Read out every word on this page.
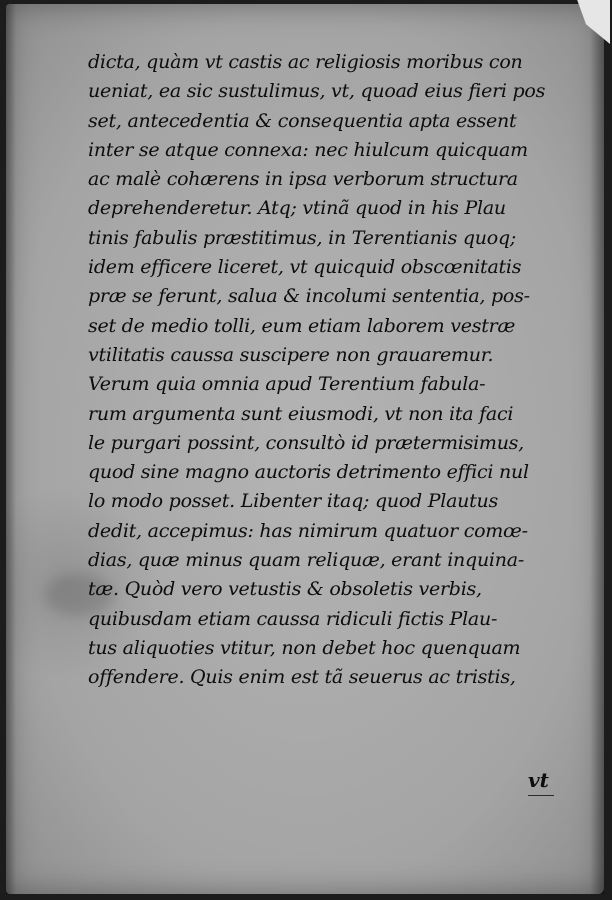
dicta, quàm vt castis ac religiosis moribus con
ueniat, ea sic sustulimus, vt, quoad eius fieri pos
set, antecedentia & consequentia apta essent
inter se atque connexa: nec hiulcum quicquam
ac malè cohærens in ipsa verborum structura
deprehenderetur. Atq; vtinã quod in his Plau
tinis fabulis præstitimus, in Terentianis quoq;
idem efficere liceret, vt quicquid obscœnitatis
præ se ferunt, salua & incolumi sententia, pos-
set de medio tolli, eum etiam laborem vestræ
vtilitatis caussa suscipere non grauaremur.
Verum quia omnia apud Terentium fabula-
rum argumenta sunt eiusmodi, vt non ita faci
le purgari possint, consultò id prætermisimus,
quod sine magno auctoris detrimento effici nul
lo modo posset. Libenter itaq; quod Plautus
dedit, accepimus: has nimirum quatuor comœ-
dias, quæ minus quam reliquæ, erant inquina-
tæ. Quòd vero vetustis & obsoletis verbis,
quibusdam etiam caussa ridiculi fictis Plau-
tus aliquoties vtitur, non debet hoc quenquam
offendere. Quis enim est tã seuerus ac tristis,
vt
